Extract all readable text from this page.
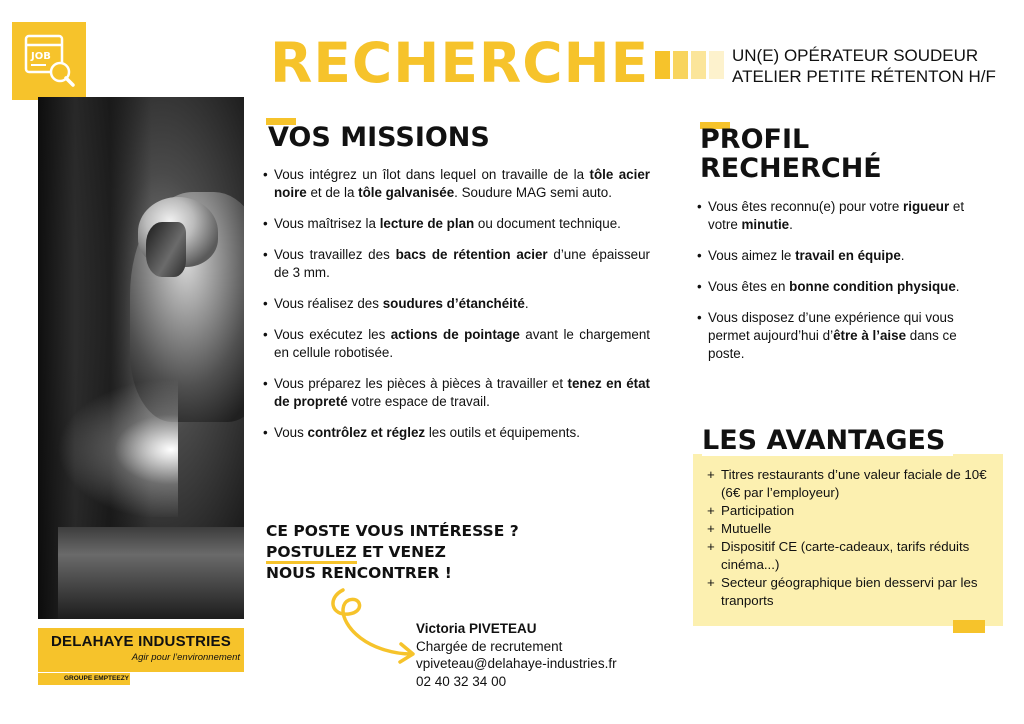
JOB
DELAHAYE INDUSTRIES
Agir pour l’environnement
GROUPE EMPTEEZY
RECHERCHE	UN(E) OPÉRATEUR SOUDEUR
ATELIER PETITE RÉTENTON H/F
VOS MISSIONS
• Vous intégrez un îlot dans lequel on travaille de la tôle acier noire et de la tôle galvanisée. Soudure MAG semi auto.
• Vous maîtrisez la lecture de plan ou document technique.
• Vous travaillez des bacs de rétention acier d’une épaisseur de 3 mm.
• Vous réalisez des soudures d’étanchéité.
• Vous exécutez les actions de pointage avant le chargement en cellule robotisée.
• Vous préparez les pièces à pièces à travailler et tenez en état de propreté votre espace de travail.
• Vous contrôlez et réglez les outils et équipements.
PROFIL
RECHERCHÉ
• Vous êtes reconnu(e) pour votre rigueur et votre minutie.
• Vous aimez le travail en équipe.
• Vous êtes en bonne condition physique.
• Vous disposez d’une expérience qui vous permet aujourd’hui d’être à l’aise dans ce poste.
CE POSTE VOUS INTÉRESSE ?
POSTULEZ ET VENEZ
NOUS RENCONTRER !
Victoria PIVETEAU
Chargée de recrutement
vpiveteau@delahaye-industries.fr
02 40 32 34 00
LES AVANTAGES
+ Titres restaurants d’une valeur faciale de 10€ (6€ par l’employeur)
+ Participation
+ Mutuelle
+ Dispositif CE (carte-cadeaux, tarifs réduits cinéma...)
+ Secteur géographique bien desservi par les tranports
